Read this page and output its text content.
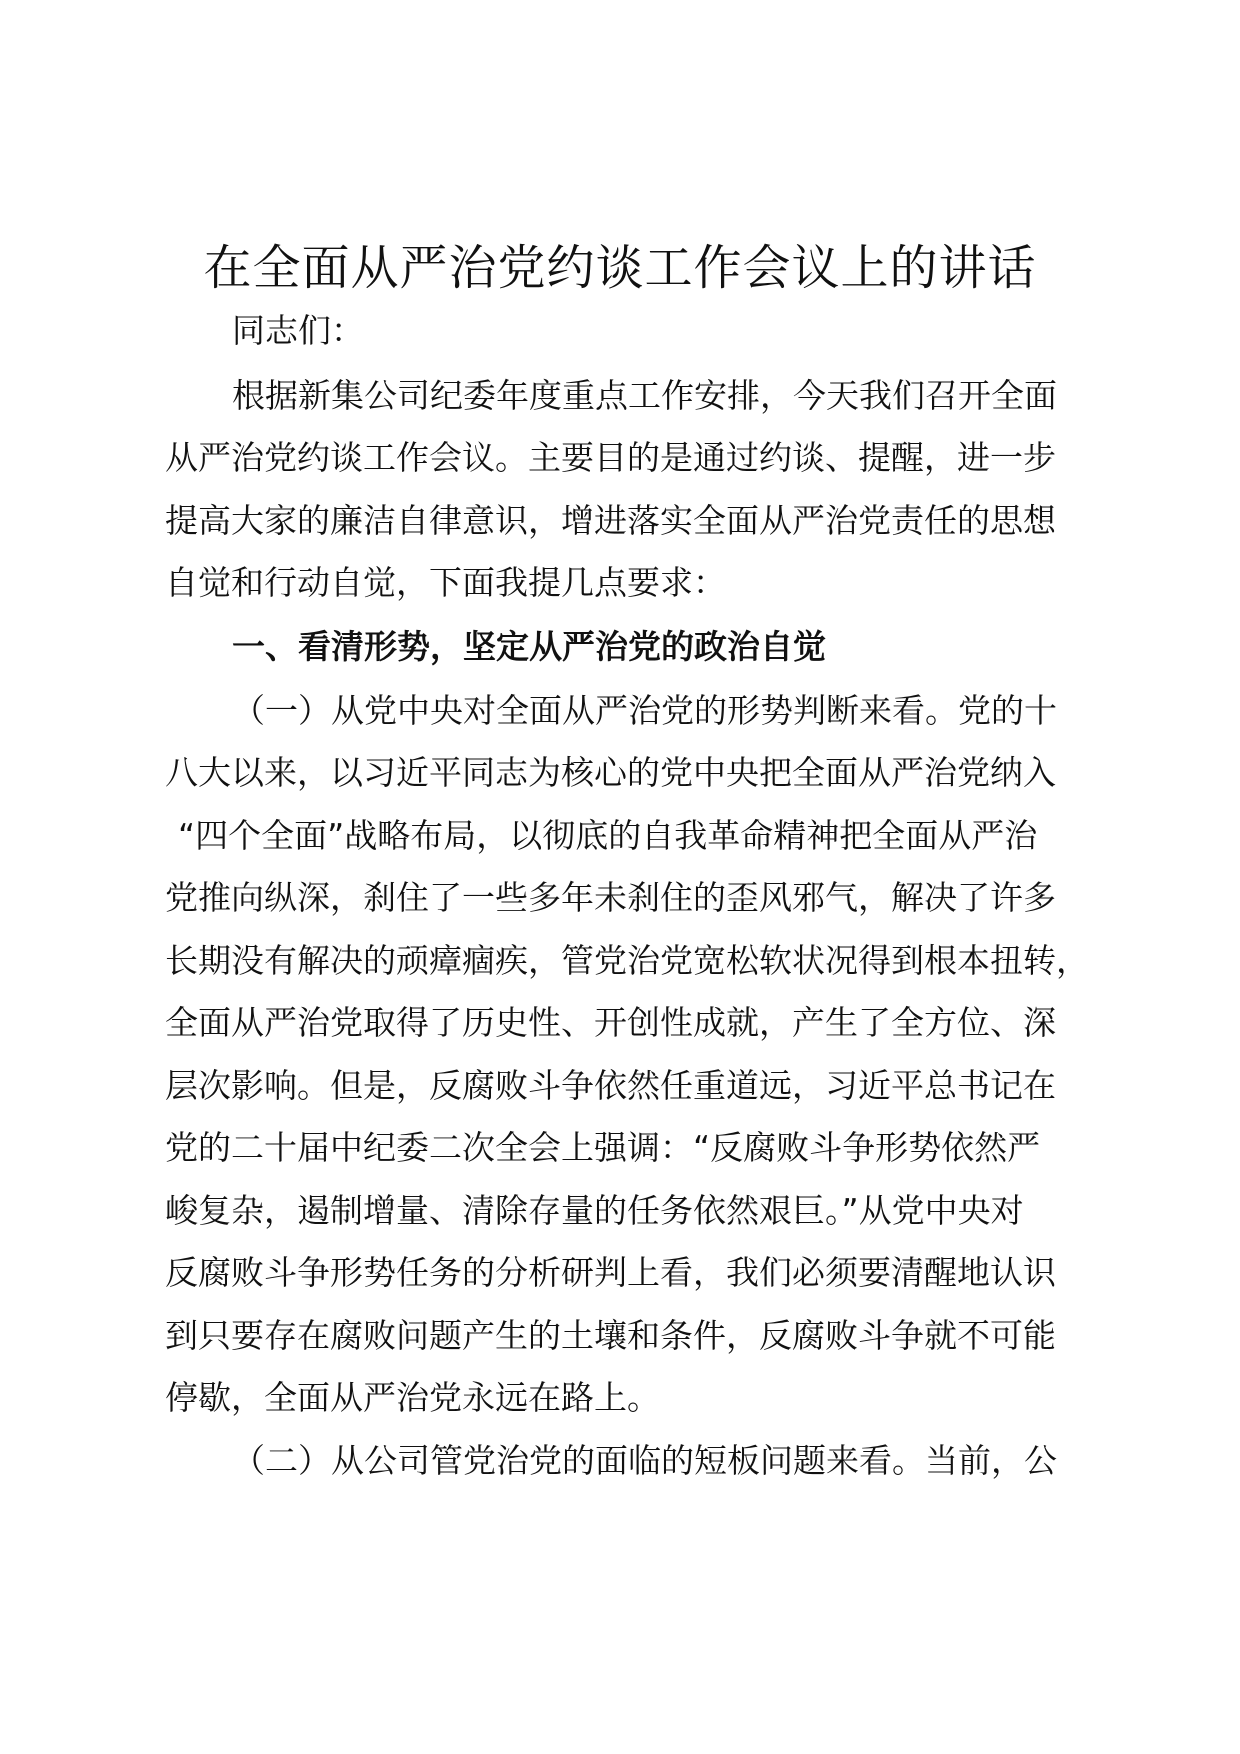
在全面从严治党约谈工作会议上的讲话
同志们：
根据新集公司纪委年度重点工作安排，今天我们召开全面
从严治党约谈工作会议。主要目的是通过约谈、提醒，进一步
提高大家的廉洁自律意识，增进落实全面从严治党责任的思想
自觉和行动自觉，下面我提几点要求：
一、看清形势，坚定从严治党的政治自觉
（一）从党中央对全面从严治党的形势判断来看。党的十
八大以来，以习近平同志为核心的党中央把全面从严治党纳入
“四个全面”战略布局，以彻底的自我革命精神把全面从严治
党推向纵深，刹住了一些多年未刹住的歪风邪气，解决了许多
长期没有解决的顽瘴痼疾，管党治党宽松软状况得到根本扭转，
全面从严治党取得了历史性、开创性成就，产生了全方位、深
层次影响。但是，反腐败斗争依然任重道远，习近平总书记在
党的二十届中纪委二次全会上强调：“反腐败斗争形势依然严
峻复杂，遏制增量、清除存量的任务依然艰巨。”从党中央对
反腐败斗争形势任务的分析研判上看，我们必须要清醒地认识
到只要存在腐败问题产生的土壤和条件，反腐败斗争就不可能
停歇，全面从严治党永远在路上。
（二）从公司管党治党的面临的短板问题来看。当前，公
